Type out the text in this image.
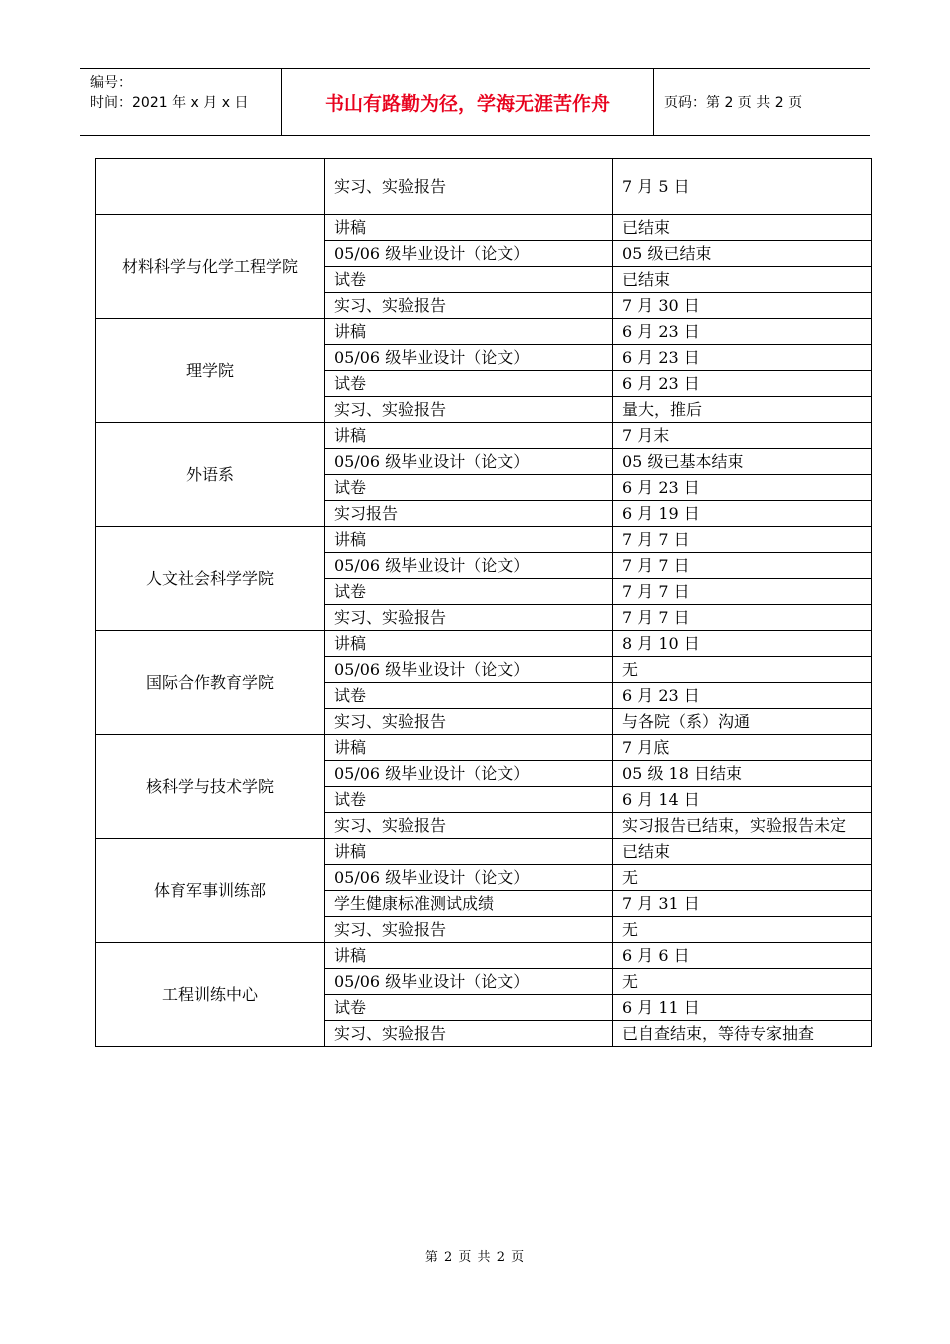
编号：
时间：2021 年 x 月 x 日	书山有路勤为径，学海无涯苦作舟	页码：第 2 页 共 2 页
	实习、实验报告	7 月 5 日
材料科学与化学工程学院	讲稿	已结束
	05/06 级毕业设计（论文）	05 级已结束
	试卷	已结束
	实习、实验报告	7 月 30 日
理学院	讲稿	6 月 23 日
	05/06 级毕业设计（论文）	6 月 23 日
	试卷	6 月 23 日
	实习、实验报告	量大，推后
外语系	讲稿	7 月末
	05/06 级毕业设计（论文）	05 级已基本结束
	试卷	6 月 23 日
	实习报告	6 月 19 日
人文社会科学学院	讲稿	7 月 7 日
	05/06 级毕业设计（论文）	7 月 7 日
	试卷	7 月 7 日
	实习、实验报告	7 月 7 日
国际合作教育学院	讲稿	8 月 10 日
	05/06 级毕业设计（论文）	无
	试卷	6 月 23 日
	实习、实验报告	与各院（系）沟通
核科学与技术学院	讲稿	7 月底
	05/06 级毕业设计（论文）	05 级 18 日结束
	试卷	6 月 14 日
	实习、实验报告	实习报告已结束，实验报告未定
体育军事训练部	讲稿	已结束
	05/06 级毕业设计（论文）	无
	学生健康标准测试成绩	7 月 31 日
	实习、实验报告	无
工程训练中心	讲稿	6 月 6 日
	05/06 级毕业设计（论文）	无
	试卷	6 月 11 日
	实习、实验报告	已自查结束，等待专家抽查
第 2 页 共 2 页
